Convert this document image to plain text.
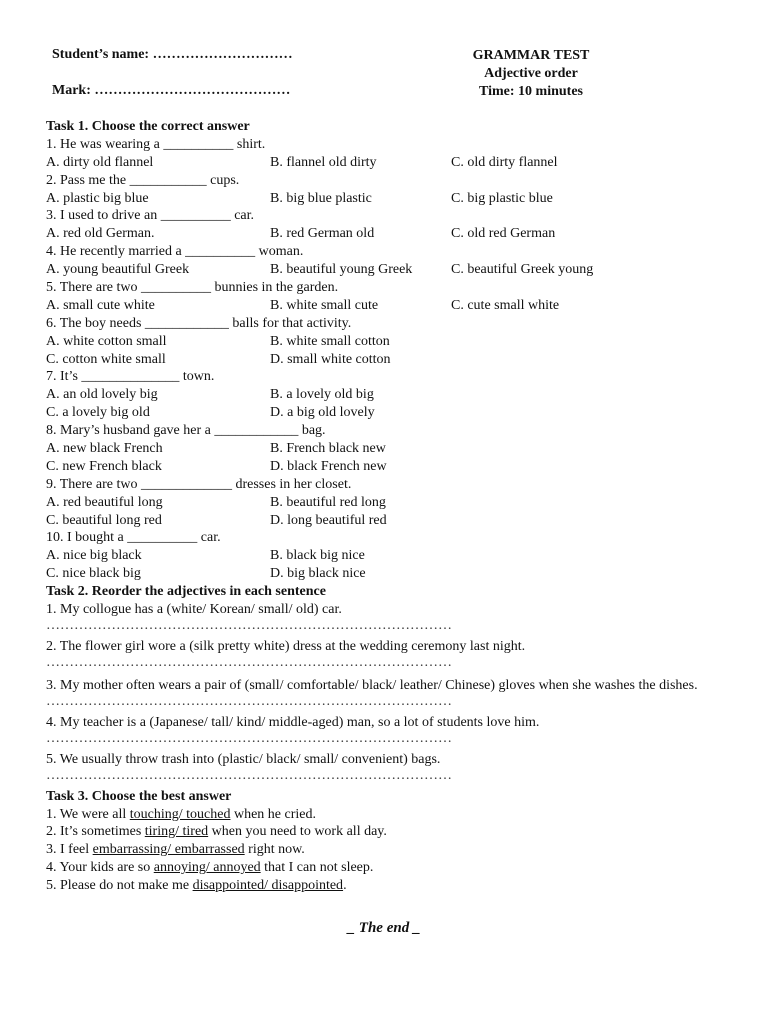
Student’s name: …………………………
Mark: ……………………………………
GRAMMAR TEST
Adjective order
Time: 10 minutes
Task 1. Choose the correct answer
1. He was wearing a __________ shirt.
A. dirty old flannel	B. flannel old dirty	C. old dirty flannel
2. Pass me the ___________ cups.
A. plastic big blue	B. big blue plastic	C. big plastic blue
3. I used to drive an __________ car.
A. red old German.	B. red German old	C. old red German
4. He recently married a __________ woman.
A. young beautiful Greek	B. beautiful young Greek	C. beautiful Greek young
5. There are two __________ bunnies in the garden.
A. small cute white	B. white small cute	C. cute small white
6. The boy needs ____________ balls for that activity.
A. white cotton small	B. white small cotton
C. cotton white small	D. small white cotton
7. It’s ______________ town.
A. an old lovely big	B. a lovely old big
C. a lovely big old	D. a big old lovely
8. Mary’s husband gave her a ____________ bag.
A. new black French	B. French black new
C. new French black	D. black French new
9. There are two _____________ dresses in her closet.
A. red beautiful long	B. beautiful red long
C. beautiful long red	D. long beautiful red
10. I bought a __________ car.
A. nice big black	B. black big nice
C. nice black big	D. big black nice
Task 2. Reorder the adjectives in each sentence
1. My collogue has a (white/ Korean/ small/ old) car.
……………………………………………………………………………
2. The flower girl wore a (silk pretty white) dress at the wedding ceremony last night.
……………………………………………………………………………
3. My mother often wears a pair of (small/ comfortable/ black/ leather/ Chinese) gloves when she washes the dishes.
……………………………………………………………………………
4. My teacher is a (Japanese/ tall/ kind/ middle-aged) man, so a lot of students love him.
……………………………………………………………………………
5. We usually throw trash into (plastic/ black/ small/ convenient) bags.
……………………………………………………………………………
Task 3. Choose the best answer
1. We were all touching/ touched when he cried.
2. It’s sometimes tiring/ tired when you need to work all day.
3. I feel embarrassing/ embarrassed right now.
4. Your kids are so annoying/ annoyed that I can not sleep.
5. Please do not make me disappointed/ disappointed.
_ The end _
